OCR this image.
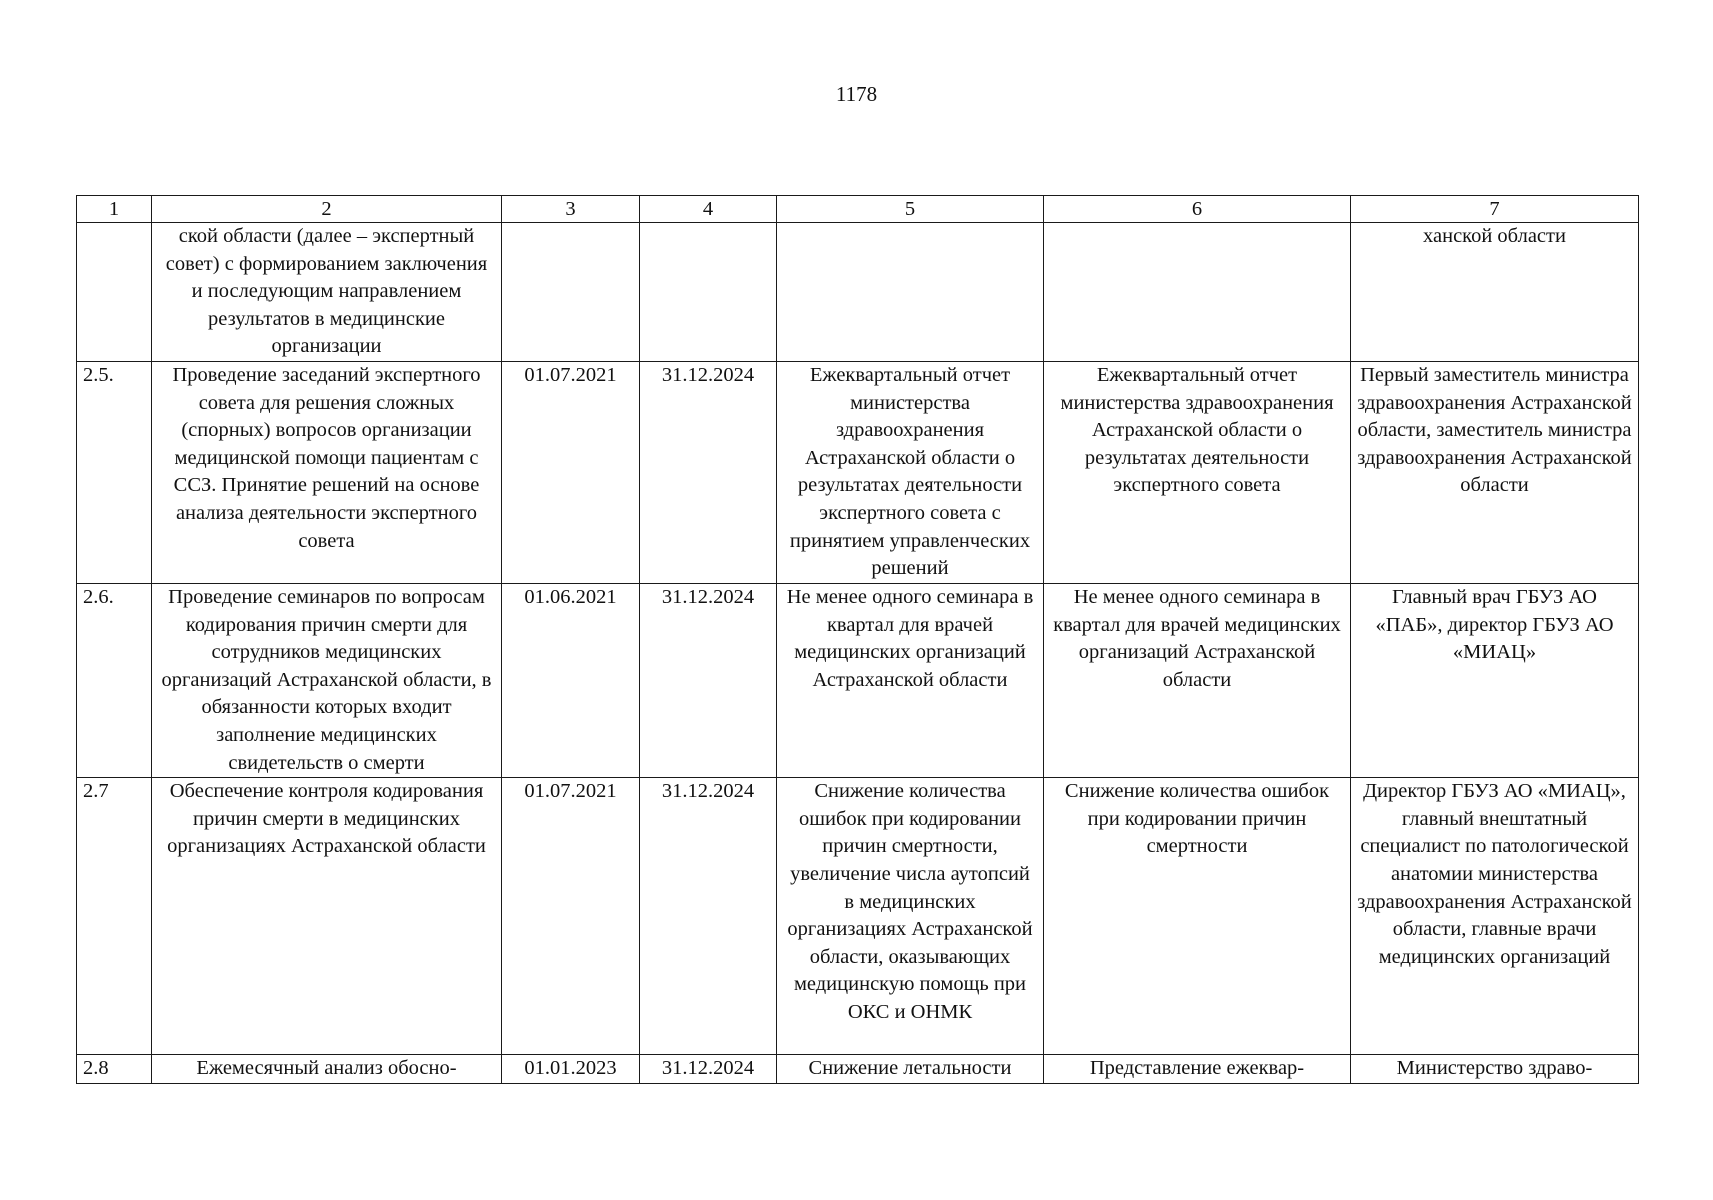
1178
1	2	3	4	5	6	7
	ской области (далее – экспертный совет) с формированием заключения и последующим направлением результатов в медицинские организации					ханской области
2.5.	Проведение заседаний экспертного совета для решения сложных (спорных) вопросов организации медицинской помощи пациентам с ССЗ. Принятие решений на основе анализа деятельности экспертного совета	01.07.2021	31.12.2024	Ежеквартальный отчет министерства здравоохранения Астраханской области о результатах деятельности экспертного совета с принятием управленческих решений	Ежеквартальный отчет министерства здравоохранения Астраханской области о результатах деятельности экспертного совета	Первый заместитель министра здравоохранения Астраханской области, заместитель министра здравоохранения Астраханской области
2.6.	Проведение семинаров по вопросам кодирования причин смерти для сотрудников медицинских организаций Астраханской области, в обязанности которых входит заполнение медицинских свидетельств о смерти	01.06.2021	31.12.2024	Не менее одного семинара в квартал для врачей медицинских организаций Астраханской области	Не менее одного семинара в квартал для врачей медицинских организаций Астраханской области	Главный врач ГБУЗ АО «ПАБ», директор ГБУЗ АО «МИАЦ»
2.7	Обеспечение контроля кодирования причин смерти в медицинских организациях Астраханской области	01.07.2021	31.12.2024	Снижение количества ошибок при кодировании причин смертности, увеличение числа аутопсий в медицинских организациях Астраханской области, оказывающих медицинскую помощь при ОКС и ОНМК	Снижение количества ошибок при кодировании причин смертности	Директор ГБУЗ АО «МИАЦ», главный внештатный специалист по патологической анатомии министерства здравоохранения Астраханской области, главные врачи медицинских организаций
2.8	Ежемесячный анализ обосно-	01.01.2023	31.12.2024	Снижение летальности	Представление ежеквар-	Министерство здраво-
